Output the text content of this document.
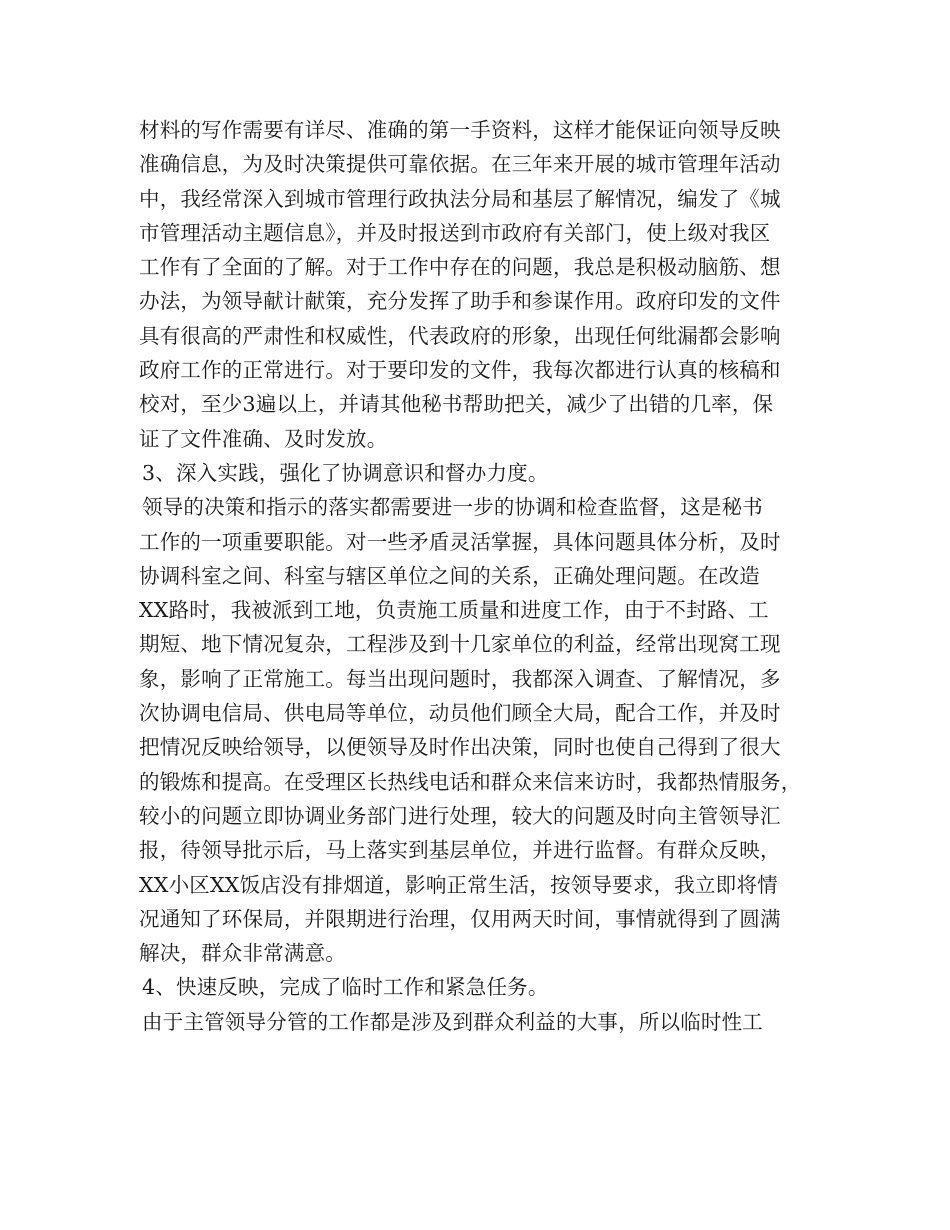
材料的写作需要有详尽、准确的第一手资料，这样才能保证向领导反映
准确信息，为及时决策提供可靠依据。在三年来开展的城市管理年活动
中，我经常深入到城市管理行政执法分局和基层了解情况，编发了《城
市管理活动主题信息》，并及时报送到市政府有关部门，使上级对我区
工作有了全面的了解。对于工作中存在的问题，我总是积极动脑筋、想
办法，为领导献计献策，充分发挥了助手和参谋作用。政府印发的文件
具有很高的严肃性和权威性，代表政府的形象，出现任何纰漏都会影响
政府工作的正常进行。对于要印发的文件，我每次都进行认真的核稿和
校对，至少3遍以上，并请其他秘书帮助把关，减少了出错的几率，保
证了文件准确、及时发放。
3、深入实践，强化了协调意识和督办力度。
领导的决策和指示的落实都需要进一步的协调和检查监督，这是秘书
工作的一项重要职能。对一些矛盾灵活掌握，具体问题具体分析，及时
协调科室之间、科室与辖区单位之间的关系，正确处理问题。在改造
XX路时，我被派到工地，负责施工质量和进度工作，由于不封路、工
期短、地下情况复杂，工程涉及到十几家单位的利益，经常出现窝工现
象，影响了正常施工。每当出现问题时，我都深入调查、了解情况，多
次协调电信局、供电局等单位，动员他们顾全大局，配合工作，并及时
把情况反映给领导，以便领导及时作出决策，同时也使自己得到了很大
的锻炼和提高。在受理区长热线电话和群众来信来访时，我都热情服务，
较小的问题立即协调业务部门进行处理，较大的问题及时向主管领导汇
报，待领导批示后，马上落实到基层单位，并进行监督。有群众反映，
XX小区XX饭店没有排烟道，影响正常生活，按领导要求，我立即将情
况通知了环保局，并限期进行治理，仅用两天时间，事情就得到了圆满
解决，群众非常满意。
4、快速反映，完成了临时工作和紧急任务。
由于主管领导分管的工作都是涉及到群众利益的大事，所以临时性工
